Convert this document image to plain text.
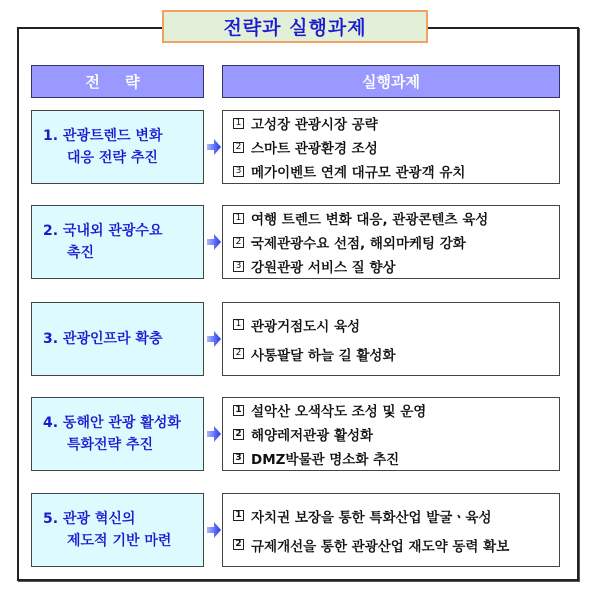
전략과 실행과제
전 략	실행과제
1. 관광트렌드 변화
대응 전략 추진
1 고성장 관광시장 공략
2 스마트 관광환경 조성
3 메가이벤트 연계 대규모 관광객 유치
2. 국내외 관광수요
촉진
1 여행 트렌드 변화 대응, 관광콘텐츠 육성
2 국제관광수요 선점, 해외마케팅 강화
3 강원관광 서비스 질 향상
3. 관광인프라 확충
1 관광거점도시 육성
2 사통팔달 하늘 길 활성화
4. 동해안 관광 활성화
특화전략 추진
1 설악산 오색삭도 조성 및 운영
2 해양레저관광 활성화
3 DMZ박물관 명소화 추진
5. 관광 혁신의
제도적 기반 마련
1 자치권 보장을 통한 특화산업 발굴ㆍ육성
2 규제개선을 통한 관광산업 재도약 동력 확보
